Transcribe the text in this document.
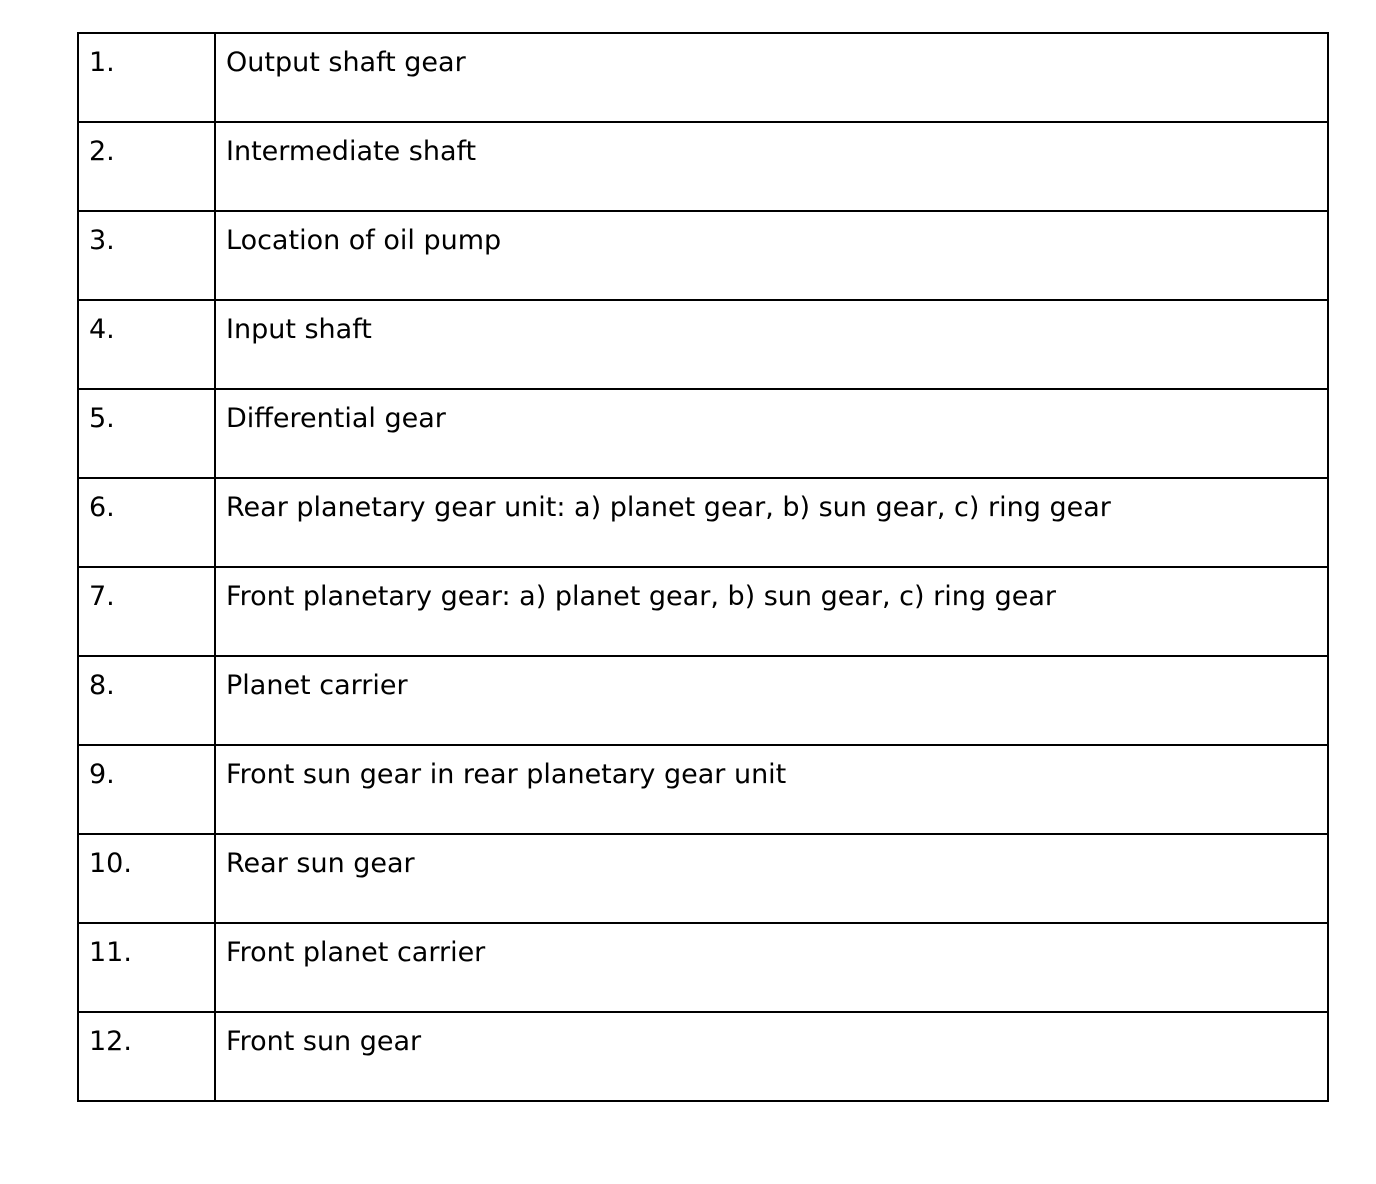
1.	Output shaft gear
2.	Intermediate shaft
3.	Location of oil pump
4.	Input shaft
5.	Differential gear
6.	Rear planetary gear unit: a) planet gear, b) sun gear, c) ring gear
7.	Front planetary gear: a) planet gear, b) sun gear, c) ring gear
8.	Planet carrier
9.	Front sun gear in rear planetary gear unit
10.	Rear sun gear
11.	Front planet carrier
12.	Front sun gear
